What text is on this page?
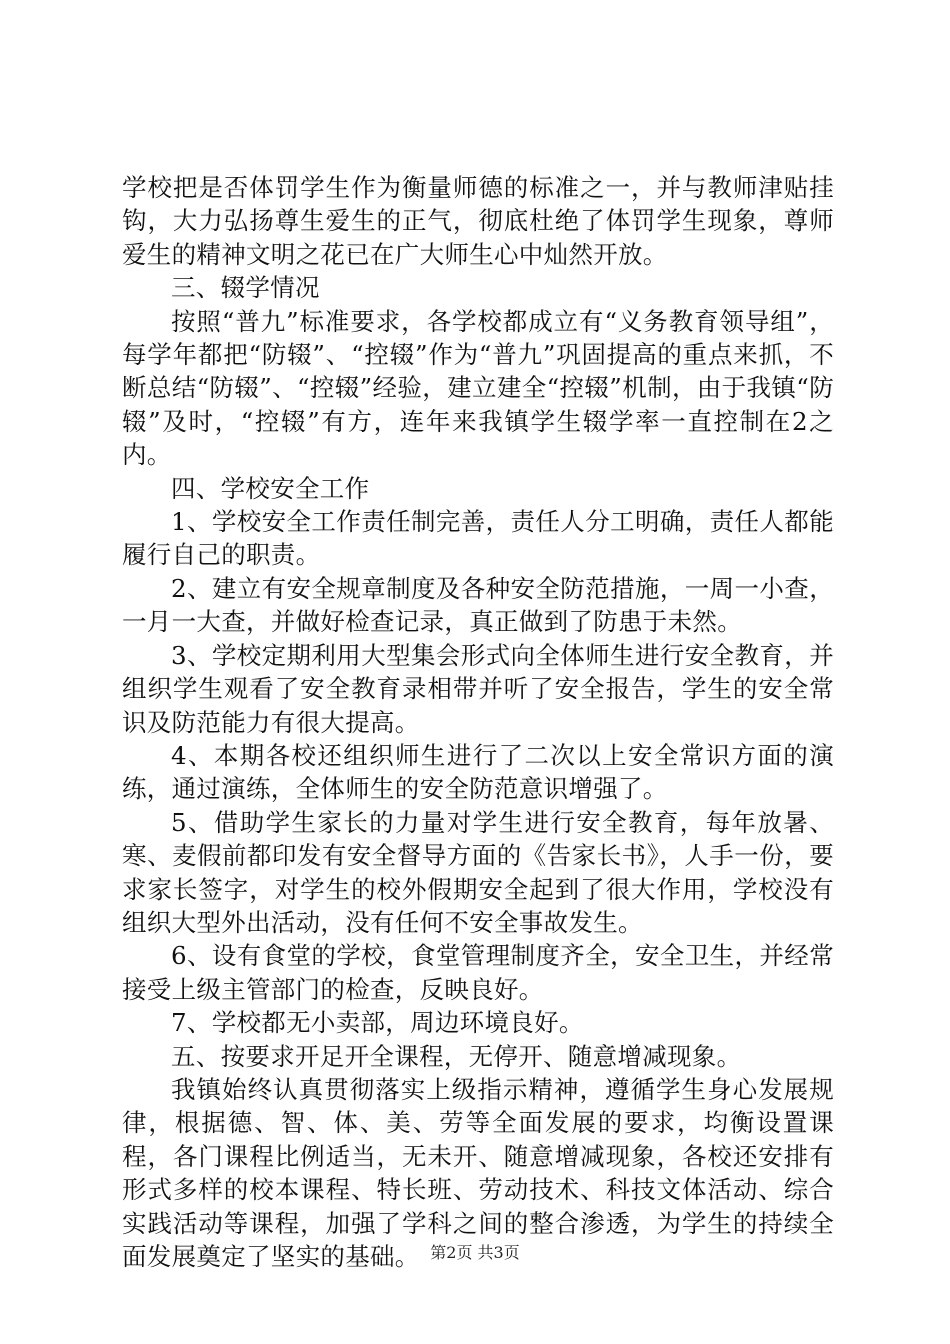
学校把是否体罚学生作为衡量师德的标准之一，并与教师津贴挂钩，大力弘扬尊生爱生的正气，彻底杜绝了体罚学生现象，尊师爱生的精神文明之花已在广大师生心中灿然开放。

三、辍学情况

按照“普九”标准要求，各学校都成立有“义务教育领导组”，每学年都把“防辍”、“控辍”作为“普九”巩固提高的重点来抓，不断总结“防辍”、“控辍”经验，建立建全“控辍”机制，由于我镇“防辍”及时，“控辍”有方，连年来我镇学生辍学率一直控制在2之内。

四、学校安全工作

1、学校安全工作责任制完善，责任人分工明确，责任人都能履行自己的职责。

2、建立有安全规章制度及各种安全防范措施，一周一小查，一月一大查，并做好检查记录，真正做到了防患于未然。

3、学校定期利用大型集会形式向全体师生进行安全教育，并组织学生观看了安全教育录相带并听了安全报告，学生的安全常识及防范能力有很大提高。

4、本期各校还组织师生进行了二次以上安全常识方面的演练，通过演练，全体师生的安全防范意识增强了。

5、借助学生家长的力量对学生进行安全教育，每年放暑、寒、麦假前都印发有安全督导方面的《告家长书》，人手一份，要求家长签字，对学生的校外假期安全起到了很大作用，学校没有组织大型外出活动，没有任何不安全事故发生。

6、设有食堂的学校，食堂管理制度齐全，安全卫生，并经常接受上级主管部门的检查，反映良好。

7、学校都无小卖部，周边环境良好。

五、按要求开足开全课程，无停开、随意增减现象。

我镇始终认真贯彻落实上级指示精神，遵循学生身心发展规律，根据德、智、体、美、劳等全面发展的要求，均衡设置课程，各门课程比例适当，无未开、随意增减现象，各校还安排有形式多样的校本课程、特长班、劳动技术、科技文体活动、综合实践活动等课程，加强了学科之间的整合渗透，为学生的持续全面发展奠定了坚实的基础。 第2页 共3页
